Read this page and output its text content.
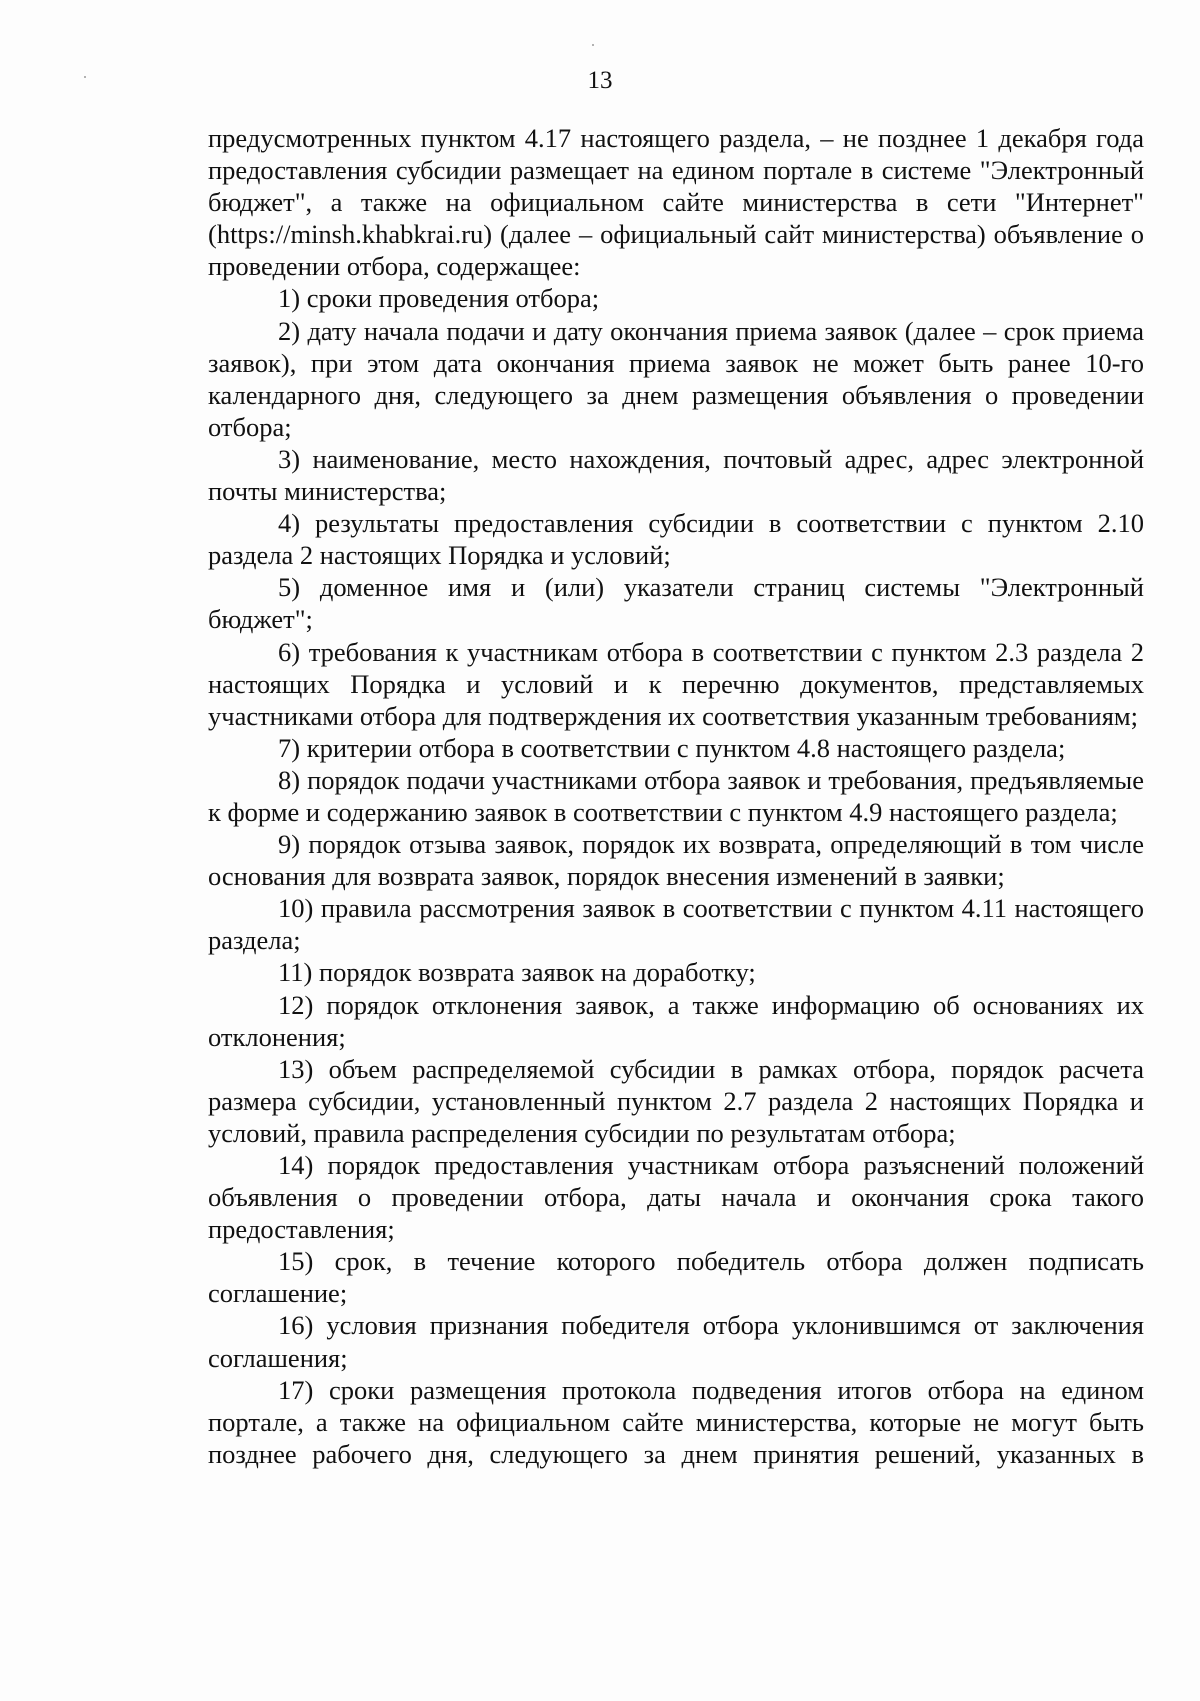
13

предусмотренных пунктом 4.17 настоящего раздела, – не позднее 1 декабря года предоставления субсидии размещает на едином портале в системе "Электронный бюджет", а также на официальном сайте министерства в сети "Интернет" (https://minsh.khabkrai.ru) (далее – официальный сайт министерства) объявление о проведении отбора, содержащее:

1) сроки проведения отбора;

2) дату начала подачи и дату окончания приема заявок (далее – срок приема заявок), при этом дата окончания приема заявок не может быть ранее 10-го календарного дня, следующего за днем размещения объявления о проведении отбора;

3) наименование, место нахождения, почтовый адрес, адрес электронной почты министерства;

4) результаты предоставления субсидии в соответствии с пунктом 2.10 раздела 2 настоящих Порядка и условий;

5) доменное имя и (или) указатели страниц системы "Электронный бюджет";

6) требования к участникам отбора в соответствии с пунктом 2.3 раздела 2 настоящих Порядка и условий и к перечню документов, представляемых участниками отбора для подтверждения их соответствия указанным требованиям;

7) критерии отбора в соответствии с пунктом 4.8 настоящего раздела;

8) порядок подачи участниками отбора заявок и требования, предъявляемые к форме и содержанию заявок в соответствии с пунктом 4.9 настоящего раздела;

9) порядок отзыва заявок, порядок их возврата, определяющий в том числе основания для возврата заявок, порядок внесения изменений в заявки;

10) правила рассмотрения заявок в соответствии с пунктом 4.11 настоящего раздела;

11) порядок возврата заявок на доработку;

12) порядок отклонения заявок, а также информацию об основаниях их отклонения;

13) объем распределяемой субсидии в рамках отбора, порядок расчета размера субсидии, установленный пунктом 2.7 раздела 2 настоящих Порядка и условий, правила распределения субсидии по результатам отбора;

14) порядок предоставления участникам отбора разъяснений положений объявления о проведении отбора, даты начала и окончания срока такого предоставления;

15) срок, в течение которого победитель отбора должен подписать соглашение;

16) условия признания победителя отбора уклонившимся от заключения соглашения;

17) сроки размещения протокола подведения итогов отбора на едином портале, а также на официальном сайте министерства, которые не могут быть позднее рабочего дня, следующего за днем принятия решений, указанных в
